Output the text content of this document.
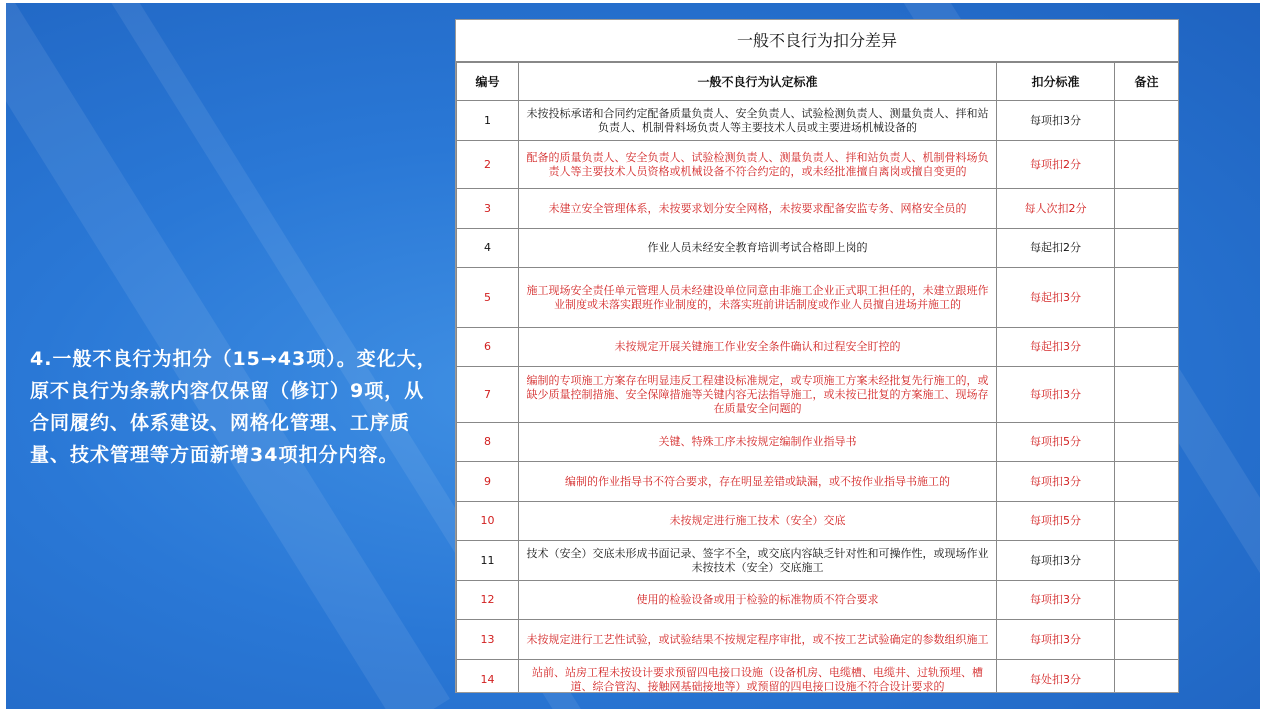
4.一般不良行为扣分（15→43项）。变化大，原不良行为条款内容仅保留（修订）9项，从合同履约、体系建设、网格化管理、工序质量、技术管理等方面新增34项扣分内容。
一般不良行为扣分差异
编号	一般不良行为认定标准	扣分标准	备注
1	未按投标承诺和合同约定配备质量负责人、安全负责人、试验检测负责人、测量负责人、拌和站负责人、机制骨料场负责人等主要技术人员或主要进场机械设备的	每项扣3分	
2	配备的质量负责人、安全负责人、试验检测负责人、测量负责人、拌和站负责人、机制骨料场负责人等主要技术人员资格或机械设备不符合约定的，或未经批准擅自离岗或擅自变更的	每项扣2分	
3	未建立安全管理体系，未按要求划分安全网格，未按要求配备安监专务、网格安全员的	每人次扣2分	
4	作业人员未经安全教育培训考试合格即上岗的	每起扣2分	
5	施工现场安全责任单元管理人员未经建设单位同意由非施工企业正式职工担任的，未建立跟班作业制度或未落实跟班作业制度的，未落实班前讲话制度或作业人员擅自进场并施工的	每起扣3分	
6	未按规定开展关键施工作业安全条件确认和过程安全盯控的	每起扣3分	
7	编制的专项施工方案存在明显违反工程建设标准规定，或专项施工方案未经批复先行施工的，或缺少质量控制措施、安全保障措施等关键内容无法指导施工，或未按已批复的方案施工、现场存在质量安全问题的	每项扣3分	
8	关键、特殊工序未按规定编制作业指导书	每项扣5分	
9	编制的作业指导书不符合要求，存在明显差错或缺漏，或不按作业指导书施工的	每项扣3分	
10	未按规定进行施工技术（安全）交底	每项扣5分	
11	技术（安全）交底未形成书面记录、签字不全，或交底内容缺乏针对性和可操作性，或现场作业未按技术（安全）交底施工	每项扣3分	
12	使用的检验设备或用于检验的标准物质不符合要求	每项扣3分	
13	未按规定进行工艺性试验，或试验结果不按规定程序审批，或不按工艺试验确定的参数组织施工	每项扣3分	
14	站前、站房工程未按设计要求预留四电接口设施（设备机房、电缆槽、电缆井、过轨预埋、槽道、综合管沟、接触网基础接地等）或预留的四电接口设施不符合设计要求的	每处扣3分	
